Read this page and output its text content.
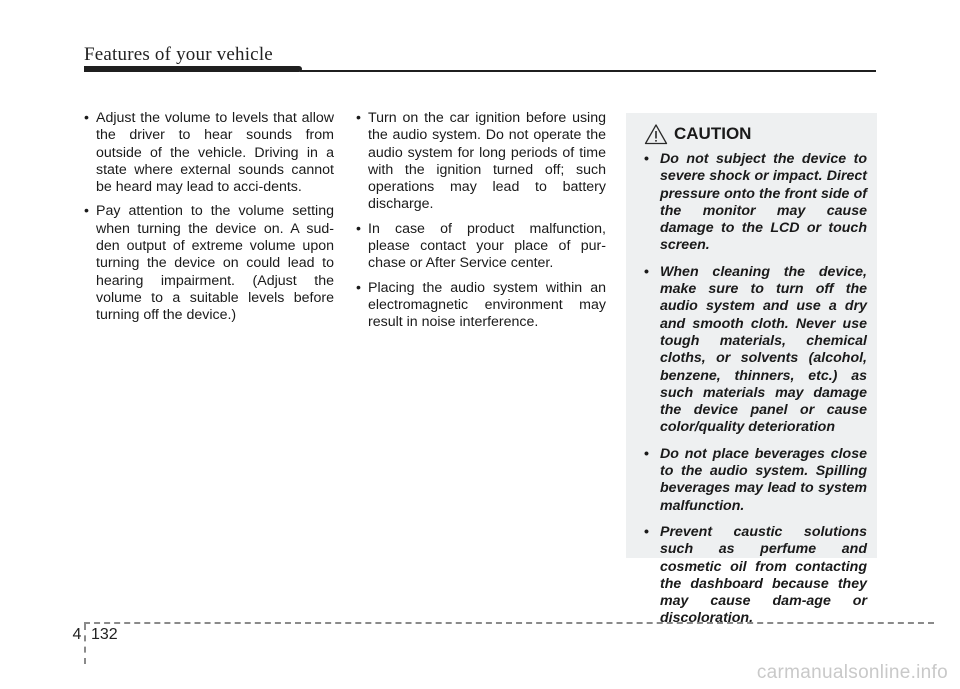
Features of your vehicle
• Adjust the volume to levels that allow the driver to hear sounds from outside of the vehicle. Driving in a state where external sounds cannot be heard may lead to acci-dents.
• Pay attention to the volume setting when turning the device on. A sud-den output of extreme volume upon turning the device on could lead to hearing impairment. (Adjust the volume to a suitable levels before turning off the device.)
• Turn on the car ignition before using the audio system. Do not operate the audio system for long periods of time with the ignition turned off; such operations may lead to battery discharge.
• In case of product malfunction, please contact your place of pur-chase or After Service center.
• Placing the audio system within an electromagnetic environment may result in noise interference.
CAUTION
• Do not subject the device to severe shock or impact. Direct pressure onto the front side of the monitor may cause damage to the LCD or touch screen.
• When cleaning the device, make sure to turn off the audio system and use a dry and smooth cloth. Never use tough materials, chemical cloths, or solvents (alcohol, benzene, thinners, etc.) as such materials may damage the device panel or cause color/quality deterioration
• Do not place beverages close to the audio system. Spilling beverages may lead to system malfunction.
• Prevent caustic solutions such as perfume and cosmetic oil from contacting the dashboard because they may cause dam-age or discoloration.
4 132
carmanualsonline.info
